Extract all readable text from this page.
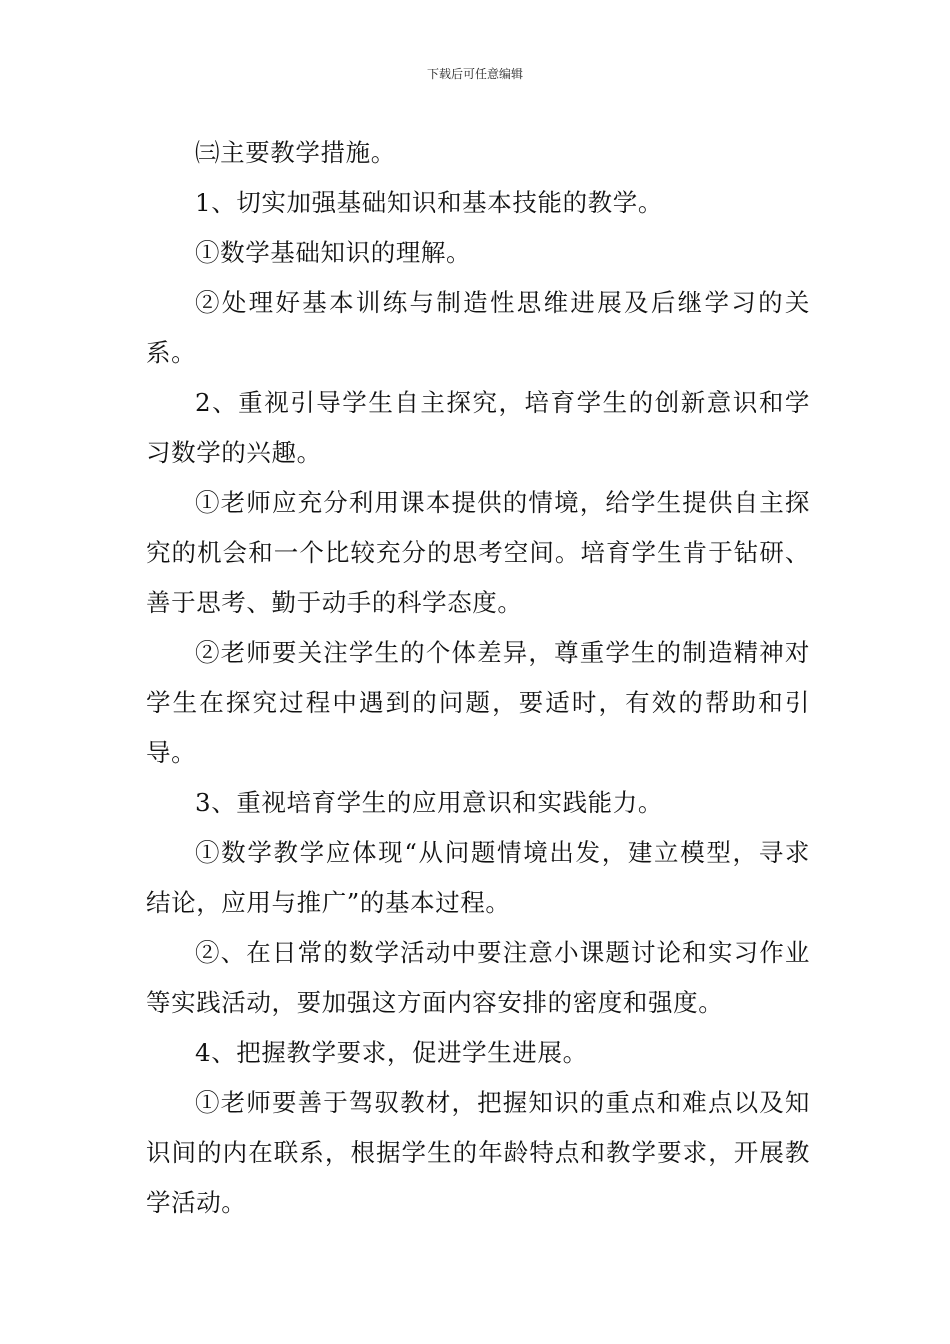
下载后可任意编辑

㈢主要教学措施。

1、切实加强基础知识和基本技能的教学。

①数学基础知识的理解。

②处理好基本训练与制造性思维进展及后继学习的关系。

2、重视引导学生自主探究，培育学生的创新意识和学习数学的兴趣。

①老师应充分利用课本提供的情境，给学生提供自主探究的机会和一个比较充分的思考空间。培育学生肯于钻研、善于思考、勤于动手的科学态度。

②老师要关注学生的个体差异，尊重学生的制造精神对学生在探究过程中遇到的问题，要适时，有效的帮助和引导。

3、重视培育学生的应用意识和实践能力。

①数学教学应体现“从问题情境出发，建立模型，寻求结论，应用与推广”的基本过程。

②、在日常的数学活动中要注意小课题讨论和实习作业等实践活动，要加强这方面内容安排的密度和强度。

4、把握教学要求，促进学生进展。

①老师要善于驾驭教材，把握知识的重点和难点以及知识间的内在联系，根据学生的年龄特点和教学要求，开展教学活动。
